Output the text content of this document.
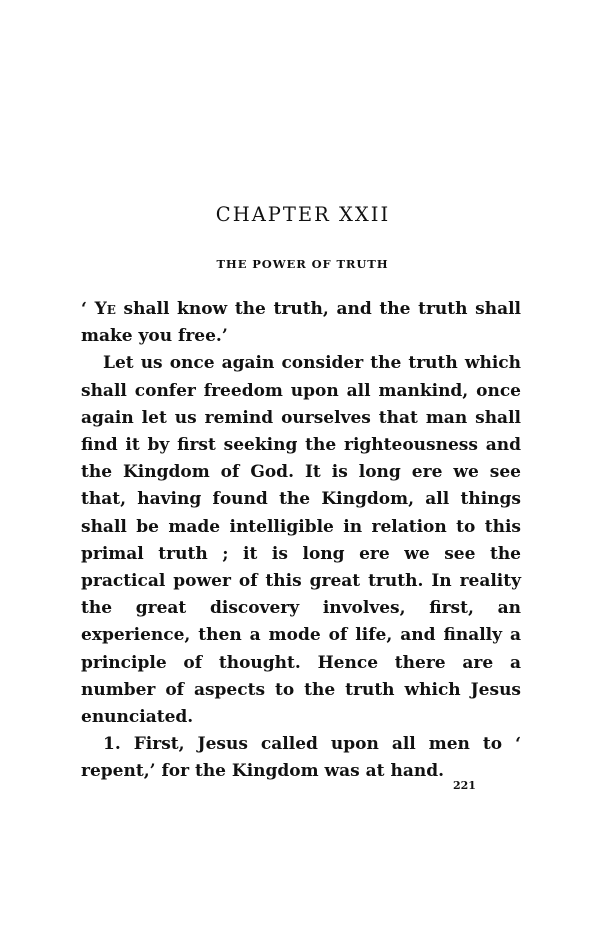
CHAPTER XXII
THE POWER OF TRUTH

‘ Ye shall know the truth, and the truth shall make you free.’

Let us once again consider the truth which shall confer freedom upon all mankind, once again let us remind ourselves that man shall find it by first seeking the righteousness and the Kingdom of God. It is long ere we see that, having found the Kingdom, all things shall be made intelligible in relation to this primal truth ; it is long ere we see the practical power of this great truth. In reality the great discovery involves, first, an experience, then a mode of life, and finally a principle of thought. Hence there are a number of aspects to the truth which Jesus enunciated.

1. First, Jesus called upon all men to ‘ repent,’ for the Kingdom was at hand.

221
